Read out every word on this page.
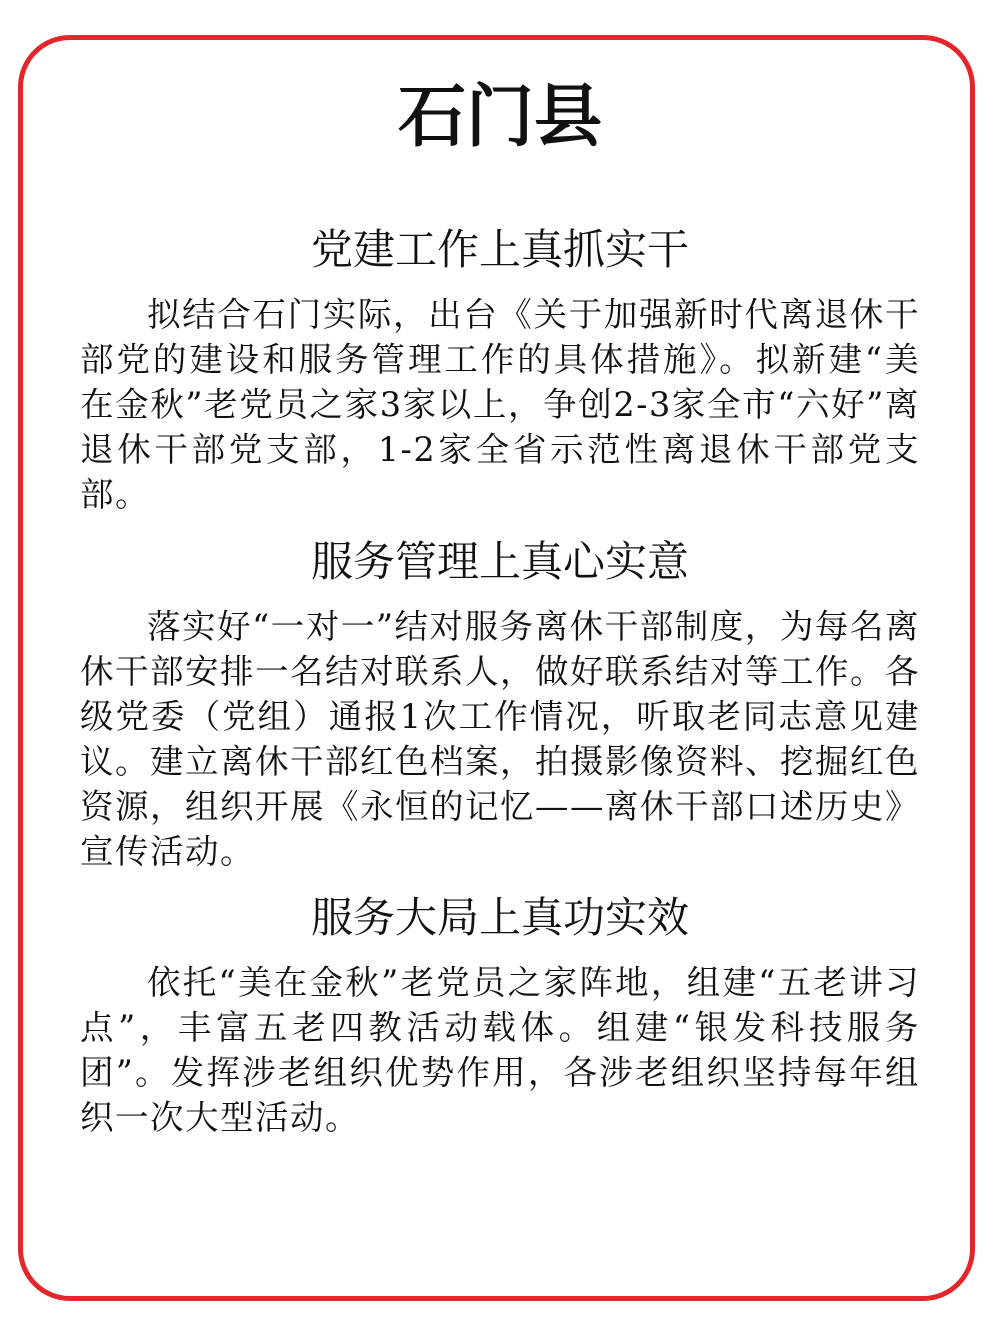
石门县
党建工作上真抓实干

拟结合石门实际，出台《关于加强新时代离退休干部党的建设和服务管理工作的具体措施》。拟新建“美在金秋”老党员之家3家以上，争创2-3家全市“六好”离退休干部党支部，1-2家全省示范性离退休干部党支部。

服务管理上真心实意

落实好“一对一”结对服务离休干部制度，为每名离休干部安排一名结对联系人，做好联系结对等工作。各级党委（党组）通报1次工作情况，听取老同志意见建议。建立离休干部红色档案，拍摄影像资料、挖掘红色资源，组织开展《永恒的记忆——离休干部口述历史》宣传活动。

服务大局上真功实效

依托“美在金秋”老党员之家阵地，组建“五老讲习点”，丰富五老四教活动载体。组建“银发科技服务团”。发挥涉老组织优势作用，各涉老组织坚持每年组织一次大型活动。
